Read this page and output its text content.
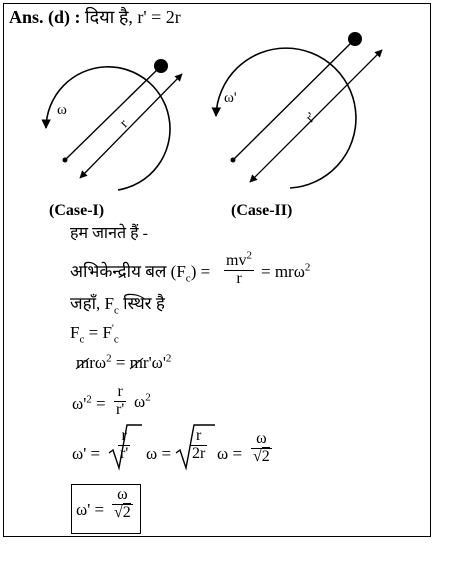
Ans. (d) : दिया है, r' = 2r
ω
r
ω'
r'
(Case-I)	(Case-II)
हम जानते हैं -
अभिकेन्द्रीय बल $(F_c)$ =
$mv^2$
r = mrω$^2$
जहाँ, $F_c$ स्थिर है
$F_c = F'_c$
$mr\omega^2 = mr'\omega'^2$
$\omega'^2$ =
r
r' $\omega^2$
ω' =
r
r' ω =
r
2r ω =
ω
√2
ω' =
ω
√2
